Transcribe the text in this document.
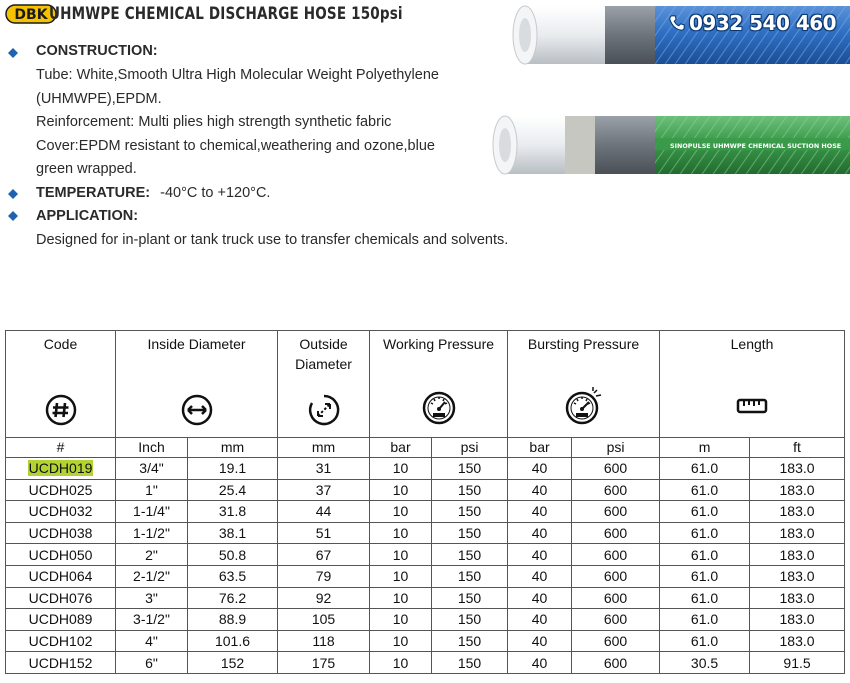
DBK UHMWPE CHEMICAL DISCHARGE HOSE 150psi	0932 540 460
SINOPULSE UHMWPE CHEMICAL SUCTION HOSE
CONSTRUCTION:
Tube: White,Smooth Ultra High Molecular Weight Polyethylene
(UHMWPE),EPDM.
Reinforcement: Multi plies high strength synthetic fabric
Cover:EPDM resistant to chemical,weathering and ozone,blue
green wrapped.
TEMPERATURE: -40°C to +120°C.
APPLICATION:
Designed for in-plant or tank truck use to transfer chemicals and solvents.
Code	Inside Diameter		Outside
Diameter	Working Pressure		Bursting Pressure		Length	

#	Inch	mm	mm	bar	psi	bar	psi	m	ft
UCDH019	3/4"	19.1	31	10	150	40	600	61.0	183.0
UCDH025	1"	25.4	37	10	150	40	600	61.0	183.0
UCDH032	1-1/4"	31.8	44	10	150	40	600	61.0	183.0
UCDH038	1-1/2"	38.1	51	10	150	40	600	61.0	183.0
UCDH050	2"	50.8	67	10	150	40	600	61.0	183.0
UCDH064	2-1/2"	63.5	79	10	150	40	600	61.0	183.0
UCDH076	3"	76.2	92	10	150	40	600	61.0	183.0
UCDH089	3-1/2"	88.9	105	10	150	40	600	61.0	183.0
UCDH102	4"	101.6	118	10	150	40	600	61.0	183.0
UCDH152	6"	152	175	10	150	40	600	30.5	91.5
